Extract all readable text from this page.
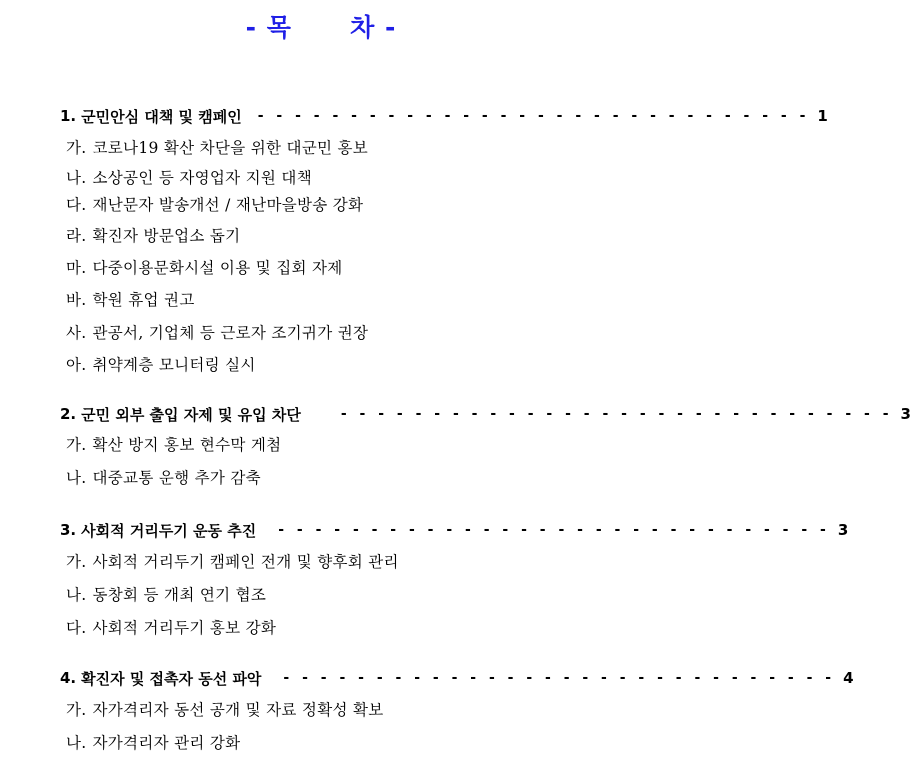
- 목      차 -
1. 군민안심 대책 및 캠페인 - - - - - - - - - - - - - - - - - - - - - - - - - - - - - - 1
가. 코로나19 확산 차단을 위한 대군민 홍보
나. 소상공인 등 자영업자 지원 대책
다. 재난문자 발송개선 / 재난마을방송 강화
라. 확진자 방문업소 돕기
마. 다중이용문화시설 이용 및 집회 자제
바. 학원 휴업 권고
사. 관공서, 기업체 등 근로자 조기귀가 권장
아. 취약계층 모니터링 실시
2. 군민 외부 출입 자제 및 유입 차단	- - - - - - - - - - - - - - - - - - - - - - - - - - - - - - 3
가. 확산 방지 홍보 현수막 게첨
나. 대중교통 운행 추가 감축
3. 사회적 거리두기 운동 추진 - - - - - - - - - - - - - - - - - - - - - - - - - - - - - - 3
가. 사회적 거리두기 캠페인 전개 및 향후회 관리
나. 동창회 등 개최 연기 협조
다. 사회적 거리두기 홍보 강화
4. 확진자 및 접촉자 동선 파악 - - - - - - - - - - - - - - - - - - - - - - - - - - - - - - 4
가. 자가격리자 동선 공개 및 자료 정확성 확보
나. 자가격리자 관리 강화
